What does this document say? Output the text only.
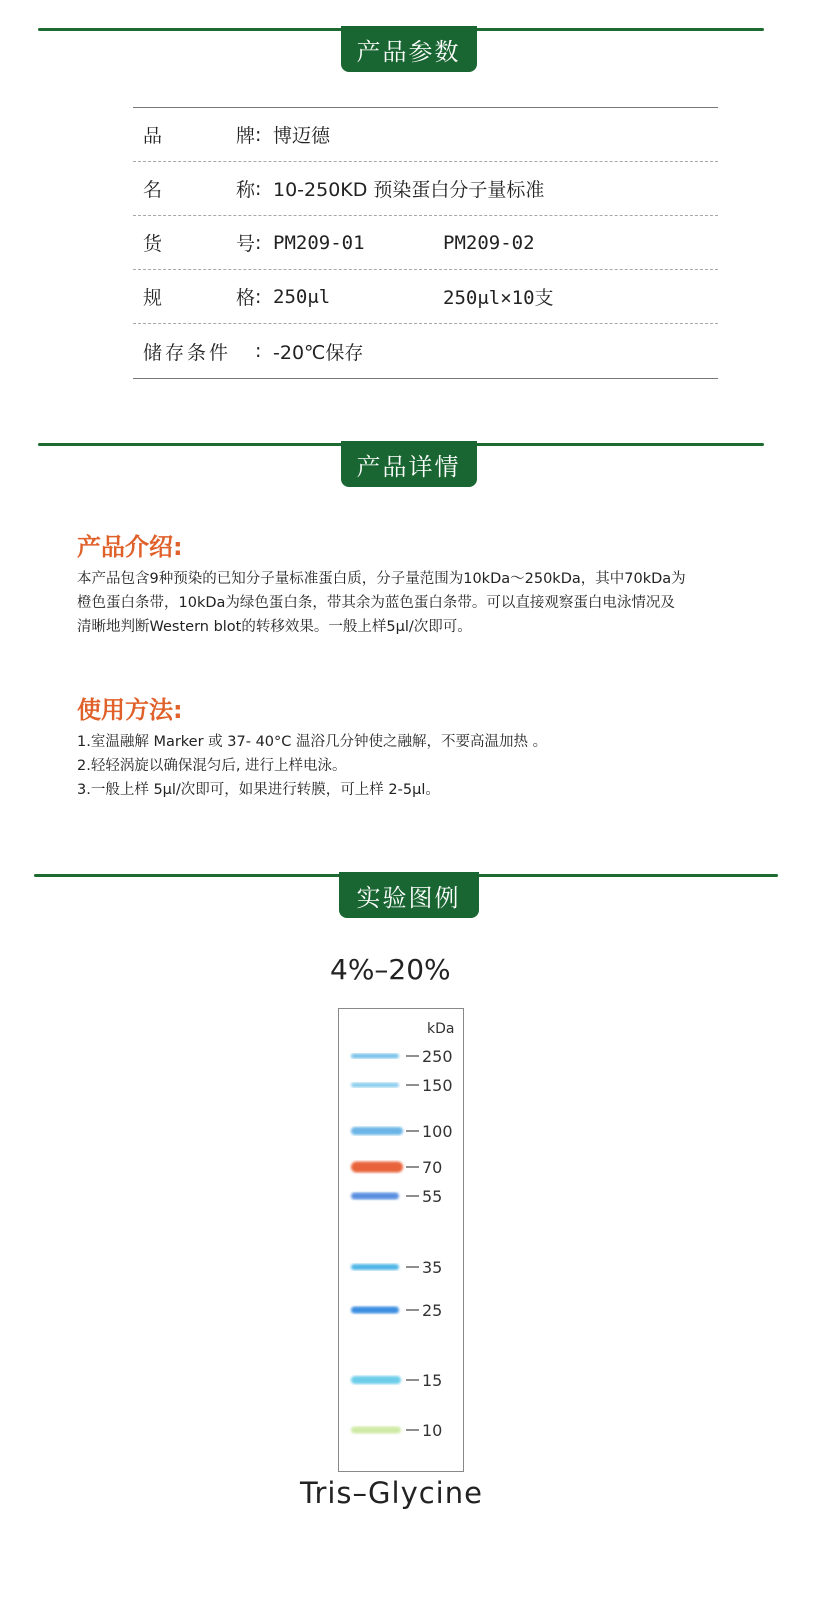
产品参数
品	牌 : 博迈德
名	称 : 10-250KD 预染蛋白分子量标准
货	号 : PM209-01	PM209-02
规	格 : 250μl	250μl×10支
储存条件	: -20℃保存
产品详情
产品介绍:
本产品包含9种预染的已知分子量标准蛋白质，分子量范围为10kDa～250kDa，其中70kDa为
橙色蛋白条带，10kDa为绿色蛋白条，带其余为蓝色蛋白条带。可以直接观察蛋白电泳情况及
清晰地判断Western blot的转移效果。一般上样5μl/次即可。
使用方法:
1.室温融解 Marker 或 37- 40°C 温浴几分钟使之融解，不要高温加热 。
2.轻轻涡旋以确保混匀后, 进行上样电泳。
3.一般上样 5μl/次即可，如果进行转膜，可上样 2-5μl。
实验图例
4%–20%
kDa
250
150
100
70
55
35
25
15
10
Tris–Glycine
